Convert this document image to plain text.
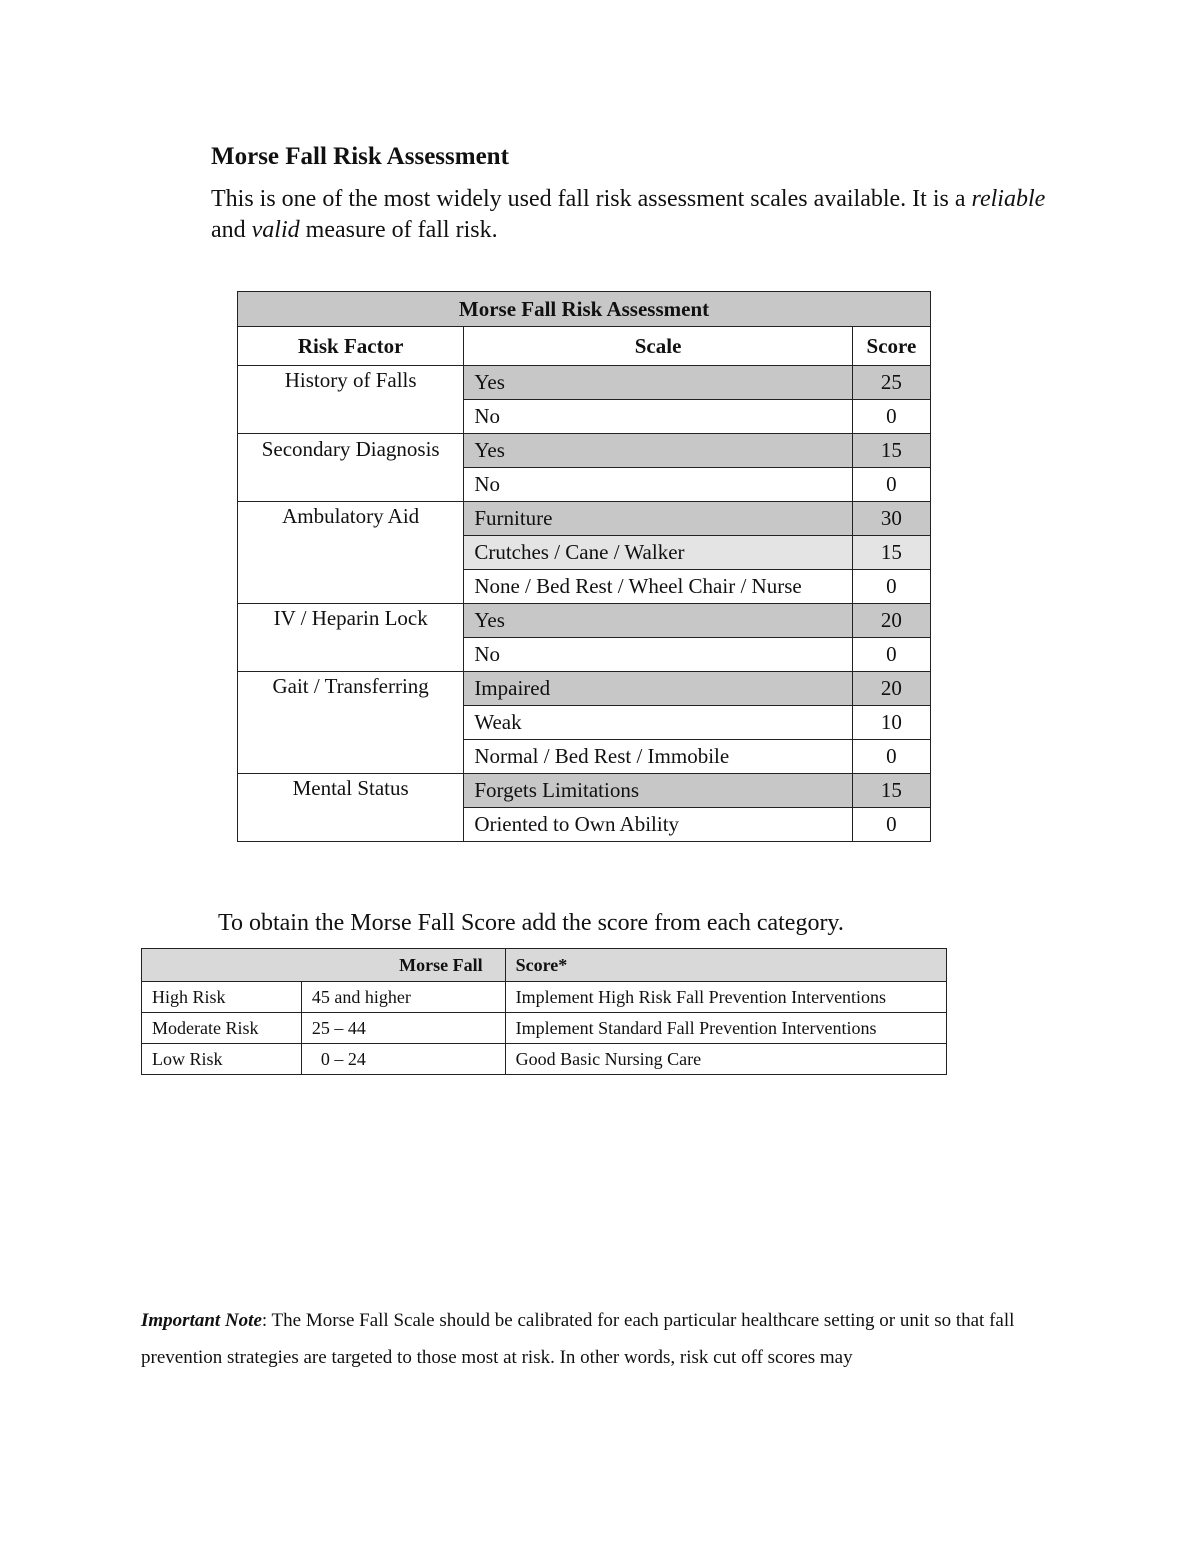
Morse Fall Risk Assessment

This is one of the most widely used fall risk assessment scales available. It is a reliable and valid measure of fall risk.

Morse Fall Risk Assessment		
Risk Factor	Scale	Score
History of Falls	Yes	25
	No	0
Secondary Diagnosis	Yes	15
	No	0
Ambulatory Aid	Furniture	30
	Crutches / Cane / Walker	15
	None / Bed Rest / Wheel Chair / Nurse	0
IV / Heparin Lock	Yes	20
	No	0
Gait / Transferring	Impaired	20
	Weak	10
	Normal / Bed Rest / Immobile	0
Mental Status	Forgets Limitations	15
	Oriented to Own Ability	0

To obtain the Morse Fall Score add the score from each category.

Morse Fall		Score*
High Risk	45 and higher	Implement High Risk Fall Prevention Interventions
Moderate Risk	25 – 44	Implement Standard Fall Prevention Interventions
Low Risk	0 – 24	Good Basic Nursing Care

Important Note: The Morse Fall Scale should be calibrated for each particular healthcare setting or unit so that fall prevention strategies are targeted to those most at risk. In other words, risk cut off scores may
